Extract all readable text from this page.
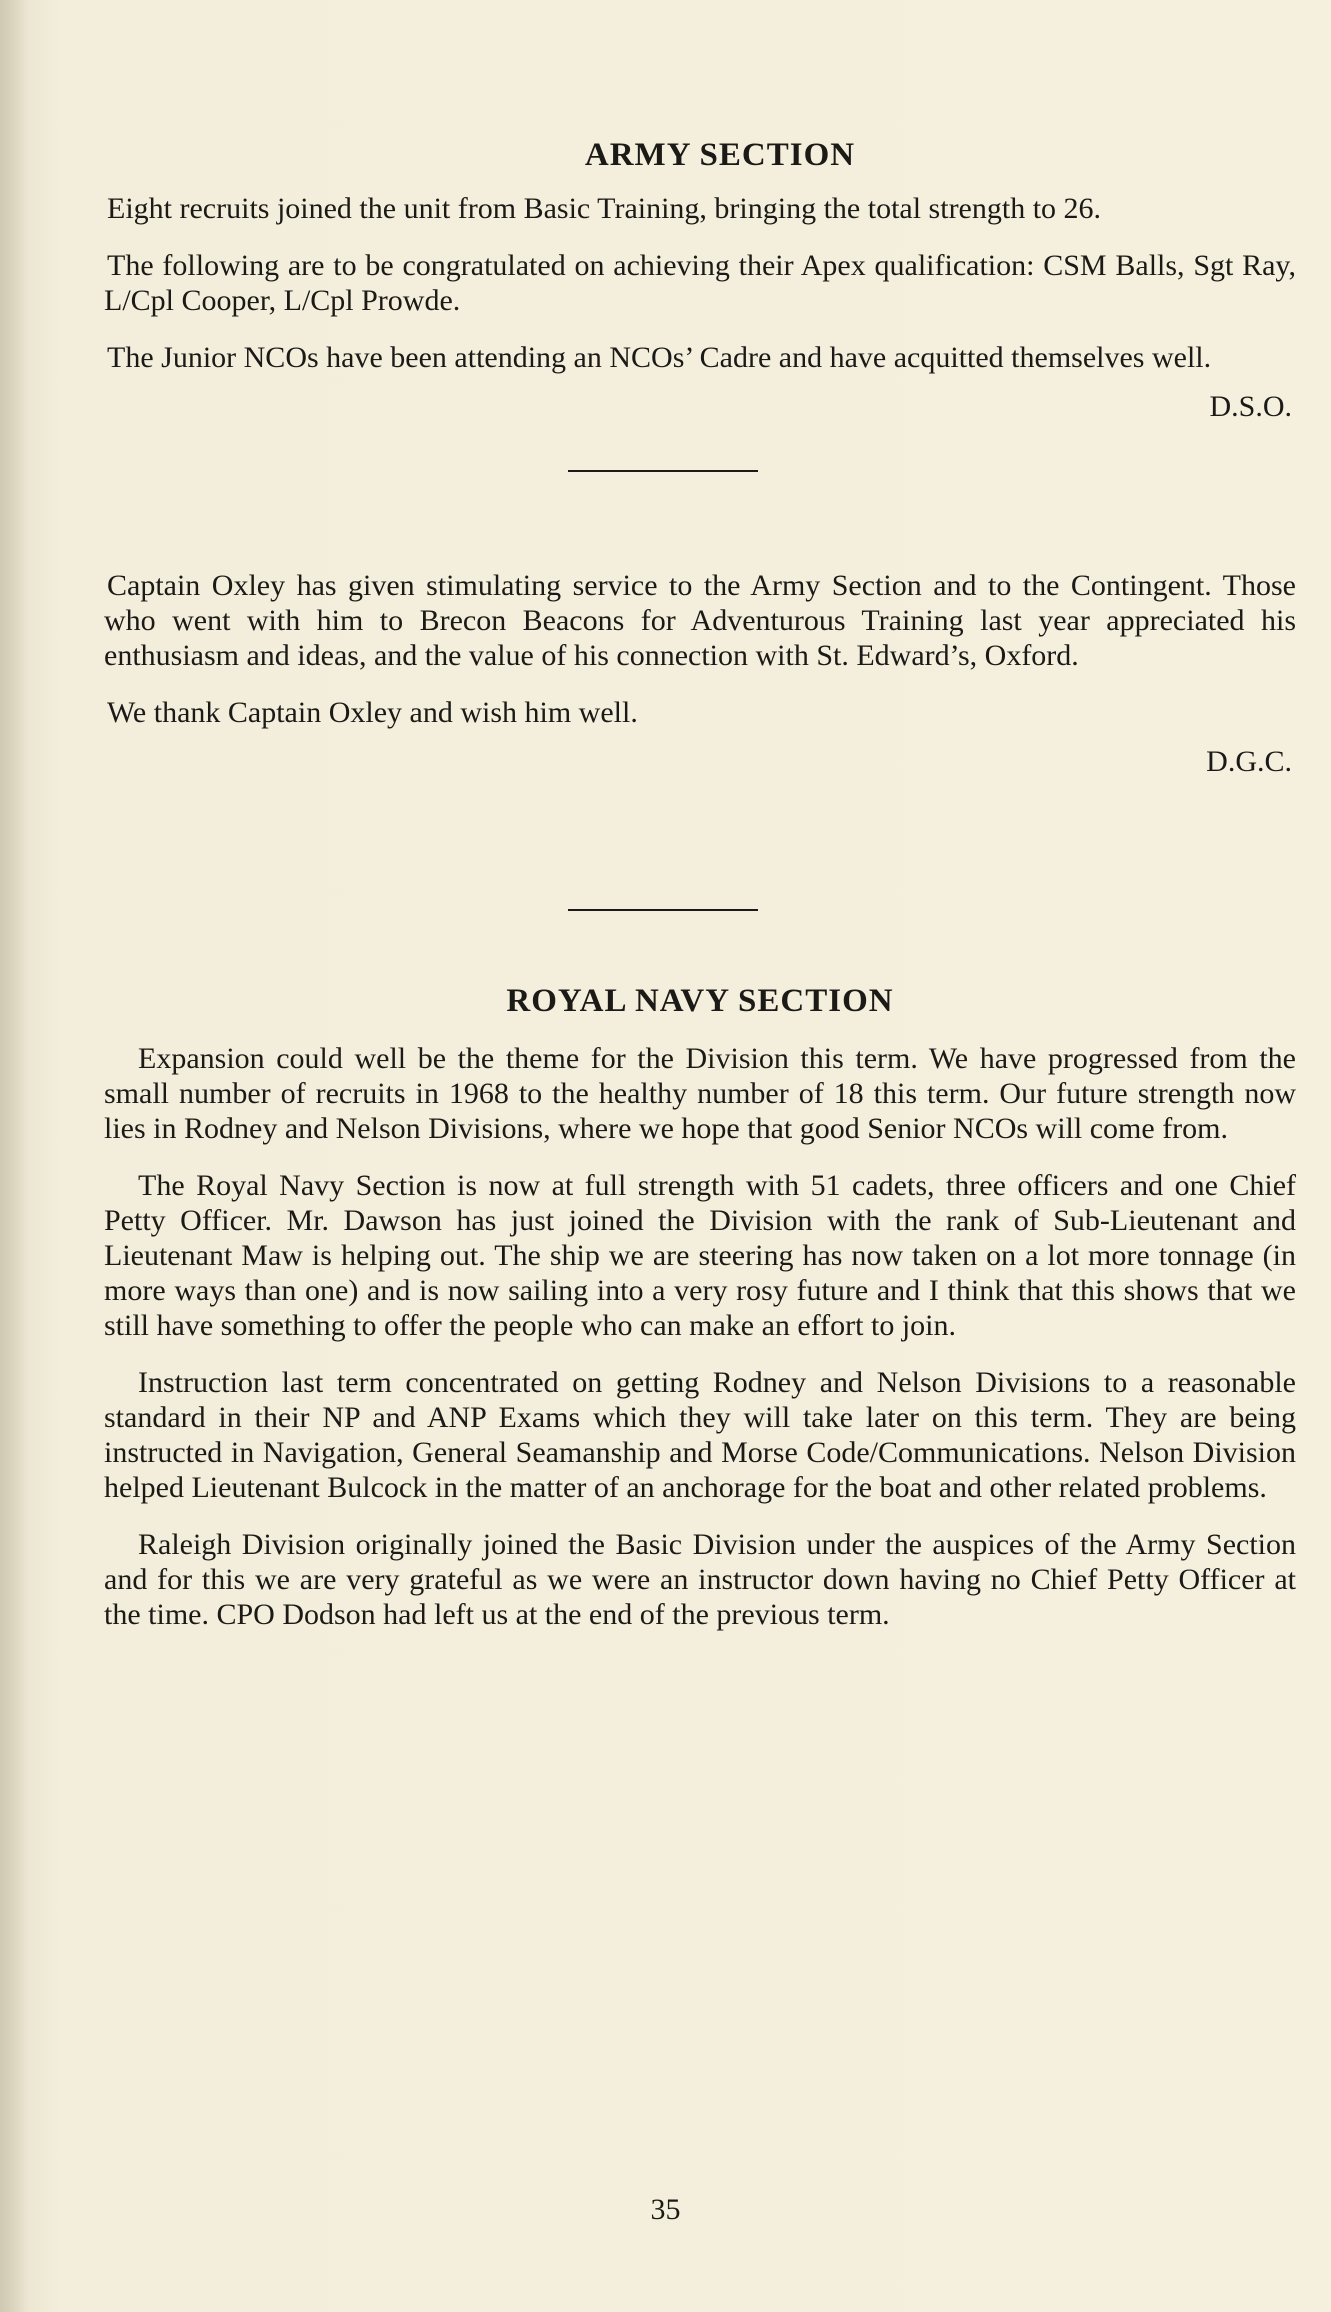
ARMY SECTION

Eight recruits joined the unit from Basic Training, bringing the total strength to 26.

The following are to be congratulated on achieving their Apex qualification: CSM Balls, Sgt Ray, L/Cpl Cooper, L/Cpl Prowde.

The Junior NCOs have been attending an NCOs’ Cadre and have acquitted themselves well.

D.S.O.

Captain Oxley has given stimulating service to the Army Section and to the Contingent. Those who went with him to Brecon Beacons for Adventurous Training last year appreciated his enthusiasm and ideas, and the value of his connection with St. Edward’s, Oxford.

We thank Captain Oxley and wish him well.

D.G.C.
ROYAL NAVY SECTION

Expansion could well be the theme for the Division this term. We have progressed from the small number of recruits in 1968 to the healthy number of 18 this term. Our future strength now lies in Rodney and Nelson Divisions, where we hope that good Senior NCOs will come from.

The Royal Navy Section is now at full strength with 51 cadets, three officers and one Chief Petty Officer. Mr. Dawson has just joined the Division with the rank of Sub-Lieutenant and Lieutenant Maw is helping out. The ship we are steering has now taken on a lot more tonnage (in more ways than one) and is now sailing into a very rosy future and I think that this shows that we still have something to offer the people who can make an effort to join.

Instruction last term concentrated on getting Rodney and Nelson Divisions to a reasonable standard in their NP and ANP Exams which they will take later on this term. They are being instructed in Navigation, General Seamanship and Morse Code/Communications. Nelson Division helped Lieutenant Bulcock in the matter of an anchorage for the boat and other related problems.

Raleigh Division originally joined the Basic Division under the auspices of the Army Section and for this we are very grateful as we were an instructor down having no Chief Petty Officer at the time. CPO Dodson had left us at the end of the previous term.

35
